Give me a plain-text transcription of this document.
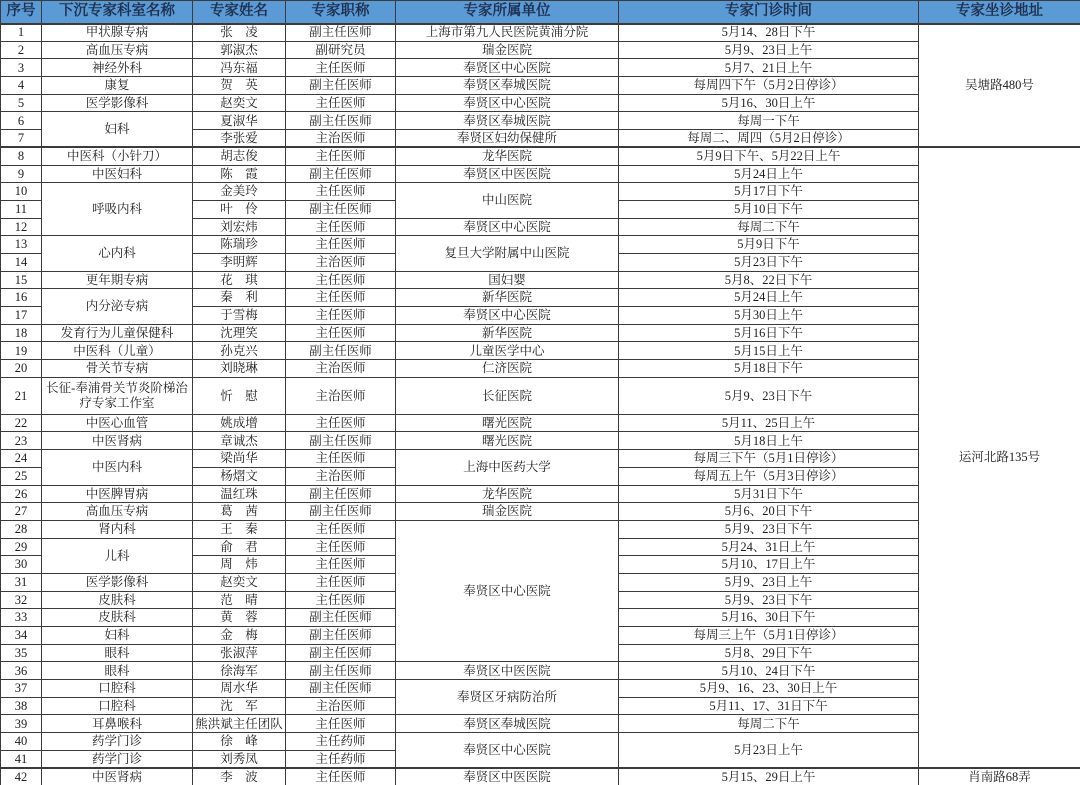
序号	下沉专家科室名称	专家姓名	专家职称	专家所属单位	专家门诊时间	专家坐诊地址
1	甲状腺专病	张　凌	副主任医师	上海市第九人民医院黄浦分院	5月14、28日下午	吴塘路480号
2	高血压专病	郭淑杰	副研究员	瑞金医院	5月9、23日上午	
3	神经外科	冯东福	主任医师	奉贤区中心医院	5月7、21日上午	
4	康复	贺　英	副主任医师	奉贤区奉城医院	每周四下午（5月2日停诊）	
5	医学影像科	赵奕文	主任医师	奉贤区中心医院	5月16、30日上午	
6	妇科	夏淑华	副主任医师	奉贤区奉城医院	每周一下午	
7		李张爱	主治医师	奉贤区妇幼保健所	每周二、周四（5月2日停诊）	
8	中医科（小针刀）	胡志俊	主任医师	龙华医院	5月9日下午、5月22日上午	运河北路135号
9	中医妇科	陈　霞	副主任医师	奉贤区中医医院	5月24日上午	
10	呼吸内科	金美玲	主任医师	中山医院	5月17日下午	
11		叶　伶	副主任医师		5月10日下午	
12		刘宏炜	主任医师	奉贤区中心医院	每周二下午	
13	心内科	陈瑞珍	主任医师	复旦大学附属中山医院	5月9日下午	
14		李明辉	主治医师		5月23日下午	
15	更年期专病	花　琪	主任医师	国妇婴	5月8、22日下午	
16	内分泌专病	秦　利	主任医师	新华医院	5月24日上午	
17		于雪梅	主任医师	奉贤区中心医院	5月30日上午	
18	发育行为儿童保健科	沈理笑	主任医师	新华医院	5月16日下午	
19	中医科（儿童）	孙克兴	副主任医师	儿童医学中心	5月15日上午	
20	骨关节专病	刘晓琳	主治医师	仁济医院	5月18日下午	
21	长征-奉浦骨关节炎阶梯治疗专家工作室	忻　慰	主治医师	长征医院	5月9、23日下午	
22	中医心血管	姚成增	主任医师	曙光医院	5月11、25日上午	
23	中医肾病	章诚杰	副主任医师	曙光医院	5月18日上午	
24	中医内科	梁尚华	主任医师	上海中医药大学	每周三下午（5月1日停诊）	
25		杨熠文	主治医师		每周五上午（5月3日停诊）	
26	中医脾胃病	温红珠	副主任医师	龙华医院	5月31日下午	
27	高血压专病	葛　茜	副主任医师	瑞金医院	5月6、20日下午	
28	肾内科	王　秦	主任医师	奉贤区中心医院	5月9、23日下午	
29	儿科	俞　君	主任医师		5月24、31日上午	
30		周　炜	主任医师		5月10、17日上午	
31	医学影像科	赵奕文	主任医师		5月9、23日上午	
32	皮肤科	范　晴	主任医师		5月9、23日下午	
33	皮肤科	黄　蓉	副主任医师		5月16、30日下午	
34	妇科	金　梅	副主任医师		每周三上午（5月1日停诊）	
35	眼科	张淑萍	副主任医师		5月8、29日下午	
36	眼科	徐海军	副主任医师	奉贤区中医医院	5月10、24日下午	
37	口腔科	周水华	副主任医师	奉贤区牙病防治所	5月9、16、23、30日上午	
38	口腔科	沈　军	主治医师		5月11、17、31日下午	
39	耳鼻喉科	熊洪斌主任团队	主任医师	奉贤区奉城医院	每周二下午	
40	药学门诊	徐　峰	主任药师	奉贤区中心医院	5月23日上午	
41	药学门诊	刘秀凤	主任药师			
42	中医肾病	李　波	主任医师	奉贤区中医医院	5月15、29日上午	肖南路68弄
